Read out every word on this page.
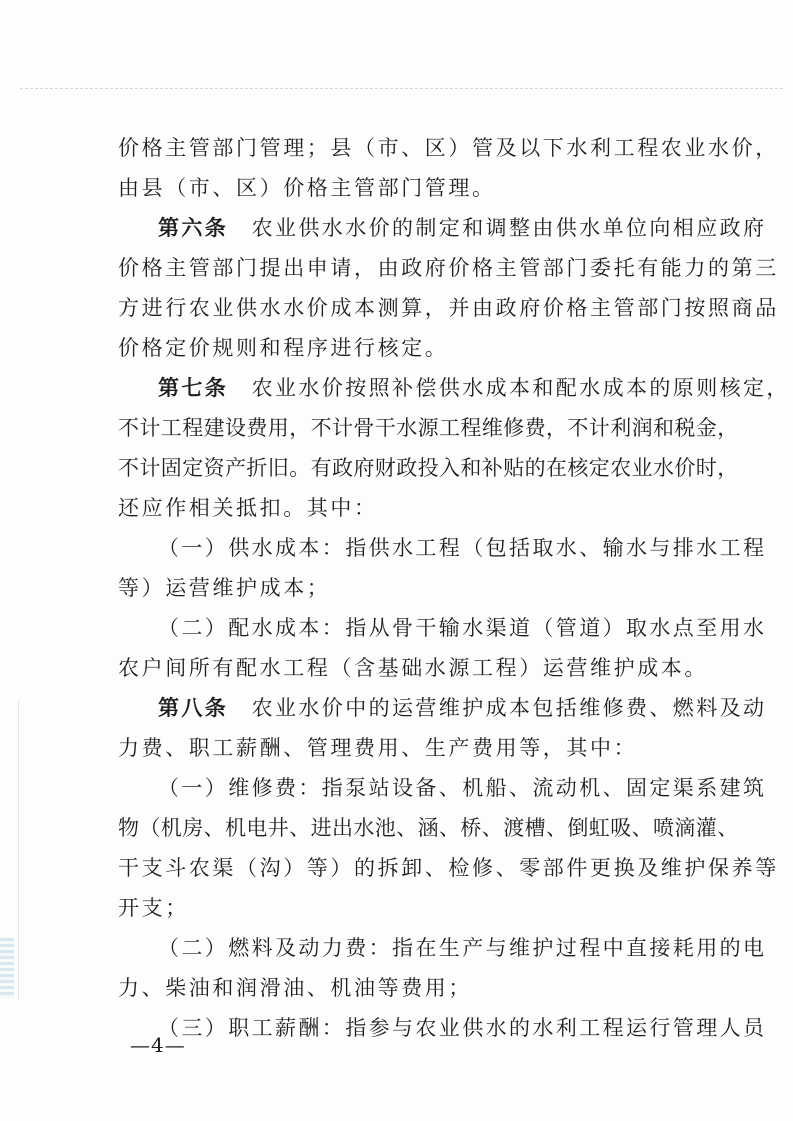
价格主管部门管理；县（市、区）管及以下水利工程农业水价，
由县（市、区）价格主管部门管理。
第六条　农业供水水价的制定和调整由供水单位向相应政府
价格主管部门提出申请，由政府价格主管部门委托有能力的第三
方进行农业供水水价成本测算，并由政府价格主管部门按照商品
价格定价规则和程序进行核定。
第七条　农业水价按照补偿供水成本和配水成本的原则核定，
不计工程建设费用，不计骨干水源工程维修费，不计利润和税金，
不计固定资产折旧。有政府财政投入和补贴的在核定农业水价时，
还应作相关抵扣。其中：
（一）供水成本：指供水工程（包括取水、输水与排水工程
等）运营维护成本；
（二）配水成本：指从骨干输水渠道（管道）取水点至用水
农户间所有配水工程（含基础水源工程）运营维护成本。
第八条　农业水价中的运营维护成本包括维修费、燃料及动
力费、职工薪酬、管理费用、生产费用等，其中：
（一）维修费：指泵站设备、机船、流动机、固定渠系建筑
物（机房、机电井、进出水池、涵、桥、渡槽、倒虹吸、喷滴灌、
干支斗农渠（沟）等）的拆卸、检修、零部件更换及维护保养等
开支；
（二）燃料及动力费：指在生产与维护过程中直接耗用的电
力、柴油和润滑油、机油等费用；
（三）职工薪酬：指参与农业供水的水利工程运行管理人员
—4—
